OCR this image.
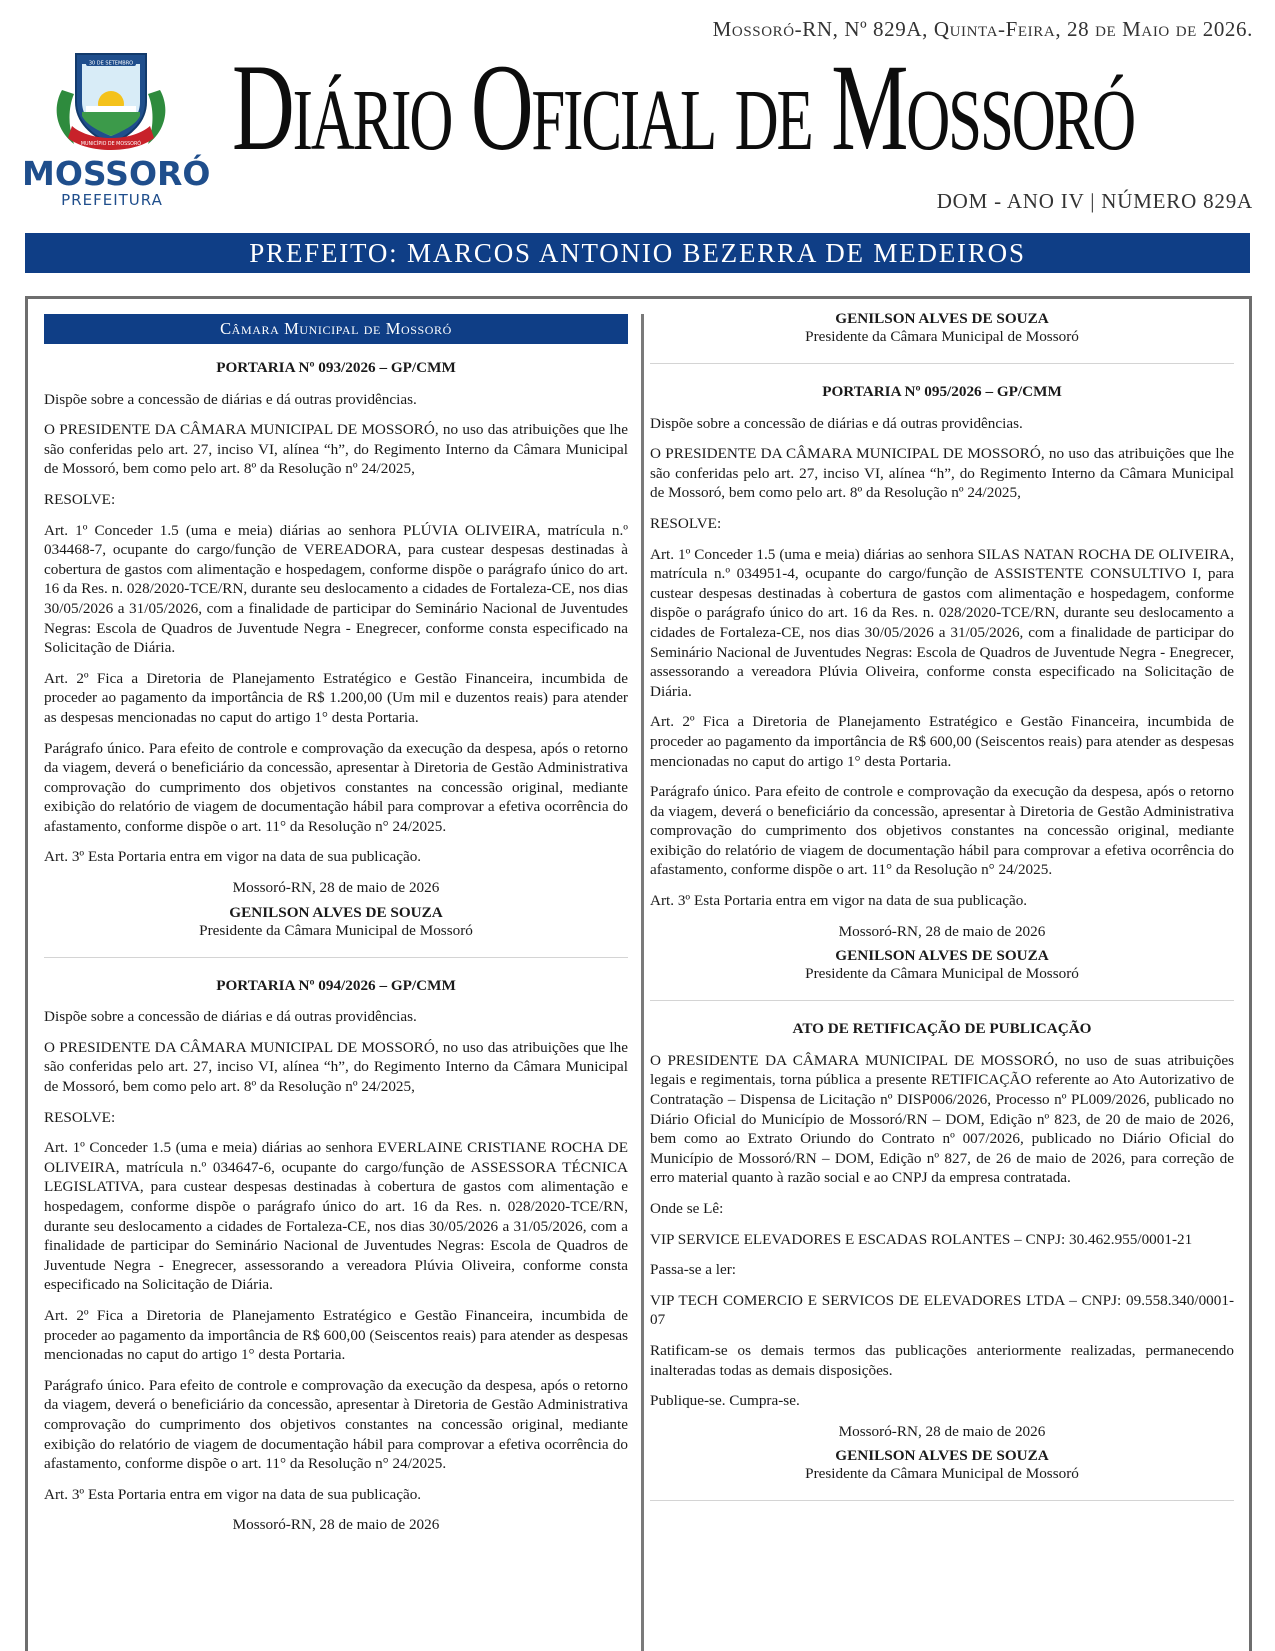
30 DE SETEMBRO
MUNICÍPIO DE MOSSORÓ
MOSSORÓ
PREFEITURA
Mossoró-RN, Nº 829A, Quinta-Feira, 28 de Maio de 2026.
Diário Oficial de Mossoró
DOM - ANO IV | NÚMERO 829A
PREFEITO: MARCOS ANTONIO BEZERRA DE MEDEIROS
Câmara Municipal de Mossoró
PORTARIA Nº 093/2026 – GP/CMM
Dispõe sobre a concessão de diárias e dá outras providências.
O PRESIDENTE DA CÂMARA MUNICIPAL DE MOSSORÓ, no uso das atribuições que lhe são conferidas pelo art. 27, inciso VI, alínea “h”, do Regimento Interno da Câmara Municipal de Mossoró, bem como pelo art. 8º da Resolução nº 24/2025,
RESOLVE:
Art. 1º Conceder 1.5 (uma e meia) diárias ao senhora PLÚVIA OLIVEIRA, matrícula n.º 034468-7, ocupante do cargo/função de VEREADORA, para custear despesas destinadas à cobertura de gastos com alimentação e hospedagem, conforme dispõe o parágrafo único do art. 16 da Res. n. 028/2020-TCE/RN, durante seu deslocamento a cidades de Fortaleza-CE, nos dias 30/05/2026 a 31/05/2026, com a finalidade de participar do Seminário Nacional de Juventudes Negras: Escola de Quadros de Juventude Negra - Enegrecer, conforme consta especificado na Solicitação de Diária.
Art. 2º Fica a Diretoria de Planejamento Estratégico e Gestão Financeira, incumbida de proceder ao pagamento da importância de R$ 1.200,00 (Um mil e duzentos reais) para atender as despesas mencionadas no caput do artigo 1° desta Portaria.
Parágrafo único. Para efeito de controle e comprovação da execução da despesa, após o retorno da viagem, deverá o beneficiário da concessão, apresentar à Diretoria de Gestão Administrativa comprovação do cumprimento dos objetivos constantes na concessão original, mediante exibição do relatório de viagem de documentação hábil para comprovar a efetiva ocorrência do afastamento, conforme dispõe o art. 11° da Resolução n° 24/2025.
Art. 3º Esta Portaria entra em vigor na data de sua publicação.
Mossoró-RN, 28 de maio de 2026
GENILSON ALVES DE SOUZA
Presidente da Câmara Municipal de Mossoró
PORTARIA Nº 094/2026 – GP/CMM
Dispõe sobre a concessão de diárias e dá outras providências.
O PRESIDENTE DA CÂMARA MUNICIPAL DE MOSSORÓ, no uso das atribuições que lhe são conferidas pelo art. 27, inciso VI, alínea “h”, do Regimento Interno da Câmara Municipal de Mossoró, bem como pelo art. 8º da Resolução nº 24/2025,
RESOLVE:
Art. 1º Conceder 1.5 (uma e meia) diárias ao senhora EVERLAINE CRISTIANE ROCHA DE OLIVEIRA, matrícula n.º 034647-6, ocupante do cargo/função de ASSESSORA TÉCNICA LEGISLATIVA, para custear despesas destinadas à cobertura de gastos com alimentação e hospedagem, conforme dispõe o parágrafo único do art. 16 da Res. n. 028/2020-TCE/RN, durante seu deslocamento a cidades de Fortaleza-CE, nos dias 30/05/2026 a 31/05/2026, com a finalidade de participar do Seminário Nacional de Juventudes Negras: Escola de Quadros de Juventude Negra - Enegrecer, assessorando a vereadora Plúvia Oliveira, conforme consta especificado na Solicitação de Diária.
Art. 2º Fica a Diretoria de Planejamento Estratégico e Gestão Financeira, incumbida de proceder ao pagamento da importância de R$ 600,00 (Seiscentos reais) para atender as despesas mencionadas no caput do artigo 1° desta Portaria.
Parágrafo único. Para efeito de controle e comprovação da execução da despesa, após o retorno da viagem, deverá o beneficiário da concessão, apresentar à Diretoria de Gestão Administrativa comprovação do cumprimento dos objetivos constantes na concessão original, mediante exibição do relatório de viagem de documentação hábil para comprovar a efetiva ocorrência do afastamento, conforme dispõe o art. 11° da Resolução n° 24/2025.
Art. 3º Esta Portaria entra em vigor na data de sua publicação.
Mossoró-RN, 28 de maio de 2026
GENILSON ALVES DE SOUZA
Presidente da Câmara Municipal de Mossoró
PORTARIA Nº 095/2026 – GP/CMM
Dispõe sobre a concessão de diárias e dá outras providências.
O PRESIDENTE DA CÂMARA MUNICIPAL DE MOSSORÓ, no uso das atribuições que lhe são conferidas pelo art. 27, inciso VI, alínea “h”, do Regimento Interno da Câmara Municipal de Mossoró, bem como pelo art. 8º da Resolução nº 24/2025,
RESOLVE:
Art. 1º Conceder 1.5 (uma e meia) diárias ao senhora SILAS NATAN ROCHA DE OLIVEIRA, matrícula n.º 034951-4, ocupante do cargo/função de ASSISTENTE CONSULTIVO I, para custear despesas destinadas à cobertura de gastos com alimentação e hospedagem, conforme dispõe o parágrafo único do art. 16 da Res. n. 028/2020-TCE/RN, durante seu deslocamento a cidades de Fortaleza-CE, nos dias 30/05/2026 a 31/05/2026, com a finalidade de participar do Seminário Nacional de Juventudes Negras: Escola de Quadros de Juventude Negra - Enegrecer, assessorando a vereadora Plúvia Oliveira, conforme consta especificado na Solicitação de Diária.
Art. 2º Fica a Diretoria de Planejamento Estratégico e Gestão Financeira, incumbida de proceder ao pagamento da importância de R$ 600,00 (Seiscentos reais) para atender as despesas mencionadas no caput do artigo 1° desta Portaria.
Parágrafo único. Para efeito de controle e comprovação da execução da despesa, após o retorno da viagem, deverá o beneficiário da concessão, apresentar à Diretoria de Gestão Administrativa comprovação do cumprimento dos objetivos constantes na concessão original, mediante exibição do relatório de viagem de documentação hábil para comprovar a efetiva ocorrência do afastamento, conforme dispõe o art. 11° da Resolução n° 24/2025.
Art. 3º Esta Portaria entra em vigor na data de sua publicação.
Mossoró-RN, 28 de maio de 2026
GENILSON ALVES DE SOUZA
Presidente da Câmara Municipal de Mossoró
ATO DE RETIFICAÇÃO DE PUBLICAÇÃO
O PRESIDENTE DA CÂMARA MUNICIPAL DE MOSSORÓ, no uso de suas atribuições legais e regimentais, torna pública a presente RETIFICAÇÃO referente ao Ato Autorizativo de Contratação – Dispensa de Licitação nº DISP006/2026, Processo nº PL009/2026, publicado no Diário Oficial do Município de Mossoró/RN – DOM, Edição nº 823, de 20 de maio de 2026, bem como ao Extrato Oriundo do Contrato nº 007/2026, publicado no Diário Oficial do Município de Mossoró/RN – DOM, Edição nº 827, de 26 de maio de 2026, para correção de erro material quanto à razão social e ao CNPJ da empresa contratada.
Onde se Lê:
VIP SERVICE ELEVADORES E ESCADAS ROLANTES – CNPJ: 30.462.955/0001-21
Passa-se a ler:
VIP TECH COMERCIO E SERVICOS DE ELEVADORES LTDA – CNPJ: 09.558.340/0001-07
Ratificam-se os demais termos das publicações anteriormente realizadas, permanecendo inalteradas todas as demais disposições.
Publique-se. Cumpra-se.
Mossoró-RN, 28 de maio de 2026
GENILSON ALVES DE SOUZA
Presidente da Câmara Municipal de Mossoró
